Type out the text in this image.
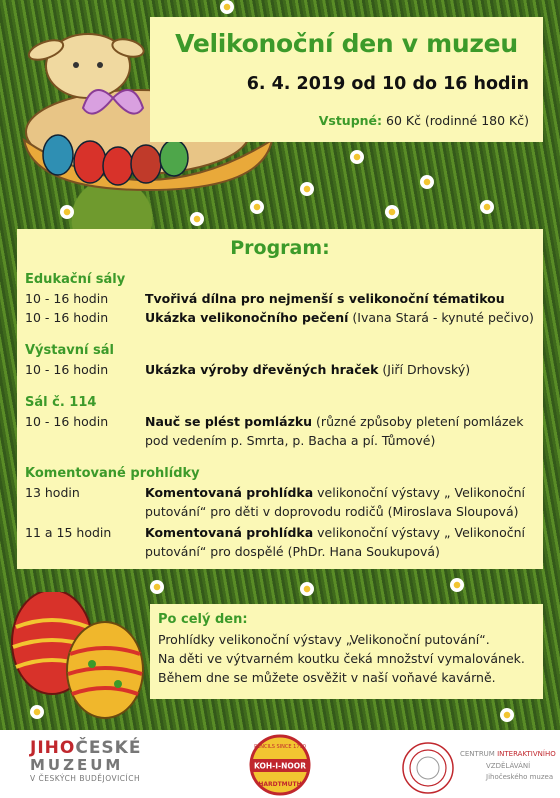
Velikonoční den v muzeu
6. 4. 2019 od 10 do 16 hodin
Vstupné: 60 Kč (rodinné 180 Kč)
Program:
Edukační sály
10 - 16 hodin	Tvořivá dílna pro nejmenší s velikonoční tématikou
10 - 16 hodin	Ukázka velikonočního pečení (Ivana Stará - kynuté pečivo)
Výstavní sál
10 - 16 hodin	Ukázka výroby dřevěných hraček (Jiří Drhovský)
Sál č. 114
10 - 16 hodin	Nauč se plést pomlázku (různé způsoby pletení pomlázek
pod vedením p. Smrta, p. Bacha a pí. Tůmové)
Komentované prohlídky
13 hodin	Komentovaná prohlídka velikonoční výstavy „ Velikonoční
putování“ pro děti v doprovodu rodičů (Miroslava Sloupová)
11 a 15 hodin	Komentovaná prohlídka velikonoční výstavy „ Velikonoční
putování“ pro dospělé (PhDr. Hana Soukupová)
Po celý den:
Prohlídky velikonoční výstavy „Velikonoční putování“.
Na děti ve výtvarném koutku čeká množství vymalovánek.
Během dne se můžete osvěžit v naší voňavé kavárně.
JIHOČESKÉ
MUZEUM
V ČESKÝCH BUDĚJOVICÍCH
PENCILS SINCE 1790
KOH-I-NOOR
HARDTMUTH
CENTRUM INTERAKTIVNÍHO
VZDĚLÁVÁNÍ
Jihočeského muzea
